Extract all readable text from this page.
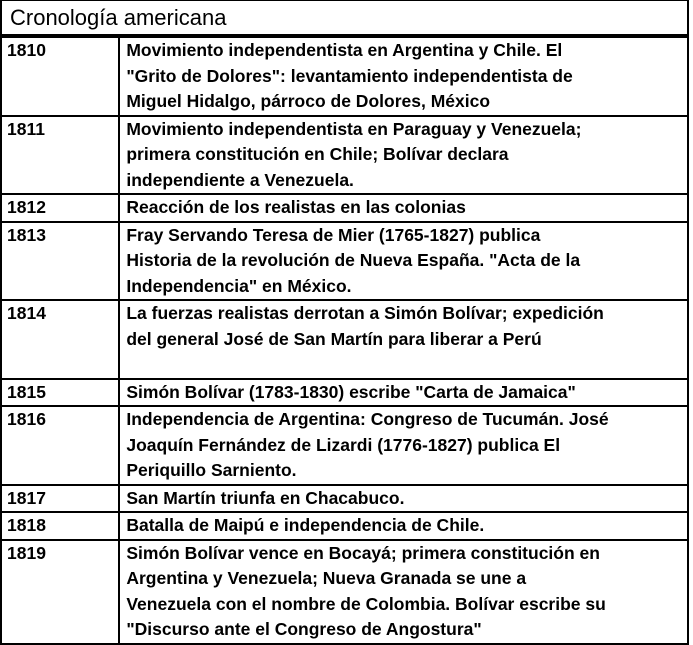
Cronología americana
1810	Movimiento independentista en Argentina y Chile. El
"Grito de Dolores": levantamiento independentista de
Miguel Hidalgo, párroco de Dolores, México

1811	Movimiento independentista en Paraguay y Venezuela;
primera constitución en Chile; Bolívar declara
independiente a Venezuela.

1812	Reacción de los realistas en las colonias

1813	Fray Servando Teresa de Mier (1765-1827) publica
Historia de la revolución de Nueva España. "Acta de la
Independencia" en México.

1814	La fuerzas realistas derrotan a Simón Bolívar; expedición
del general José de San Martín para liberar a Perú

1815	Simón Bolívar (1783-1830) escribe "Carta de Jamaica"

1816	Independencia de Argentina: Congreso de Tucumán. José
Joaquín Fernández de Lizardi (1776-1827) publica El
Periquillo Sarniento.

1817	San Martín triunfa en Chacabuco.

1818	Batalla de Maipú e independencia de Chile.

1819	Simón Bolívar vence en Bocayá; primera constitución en
Argentina y Venezuela; Nueva Granada se une a
Venezuela con el nombre de Colombia. Bolívar escribe su
"Discurso ante el Congreso de Angostura"
